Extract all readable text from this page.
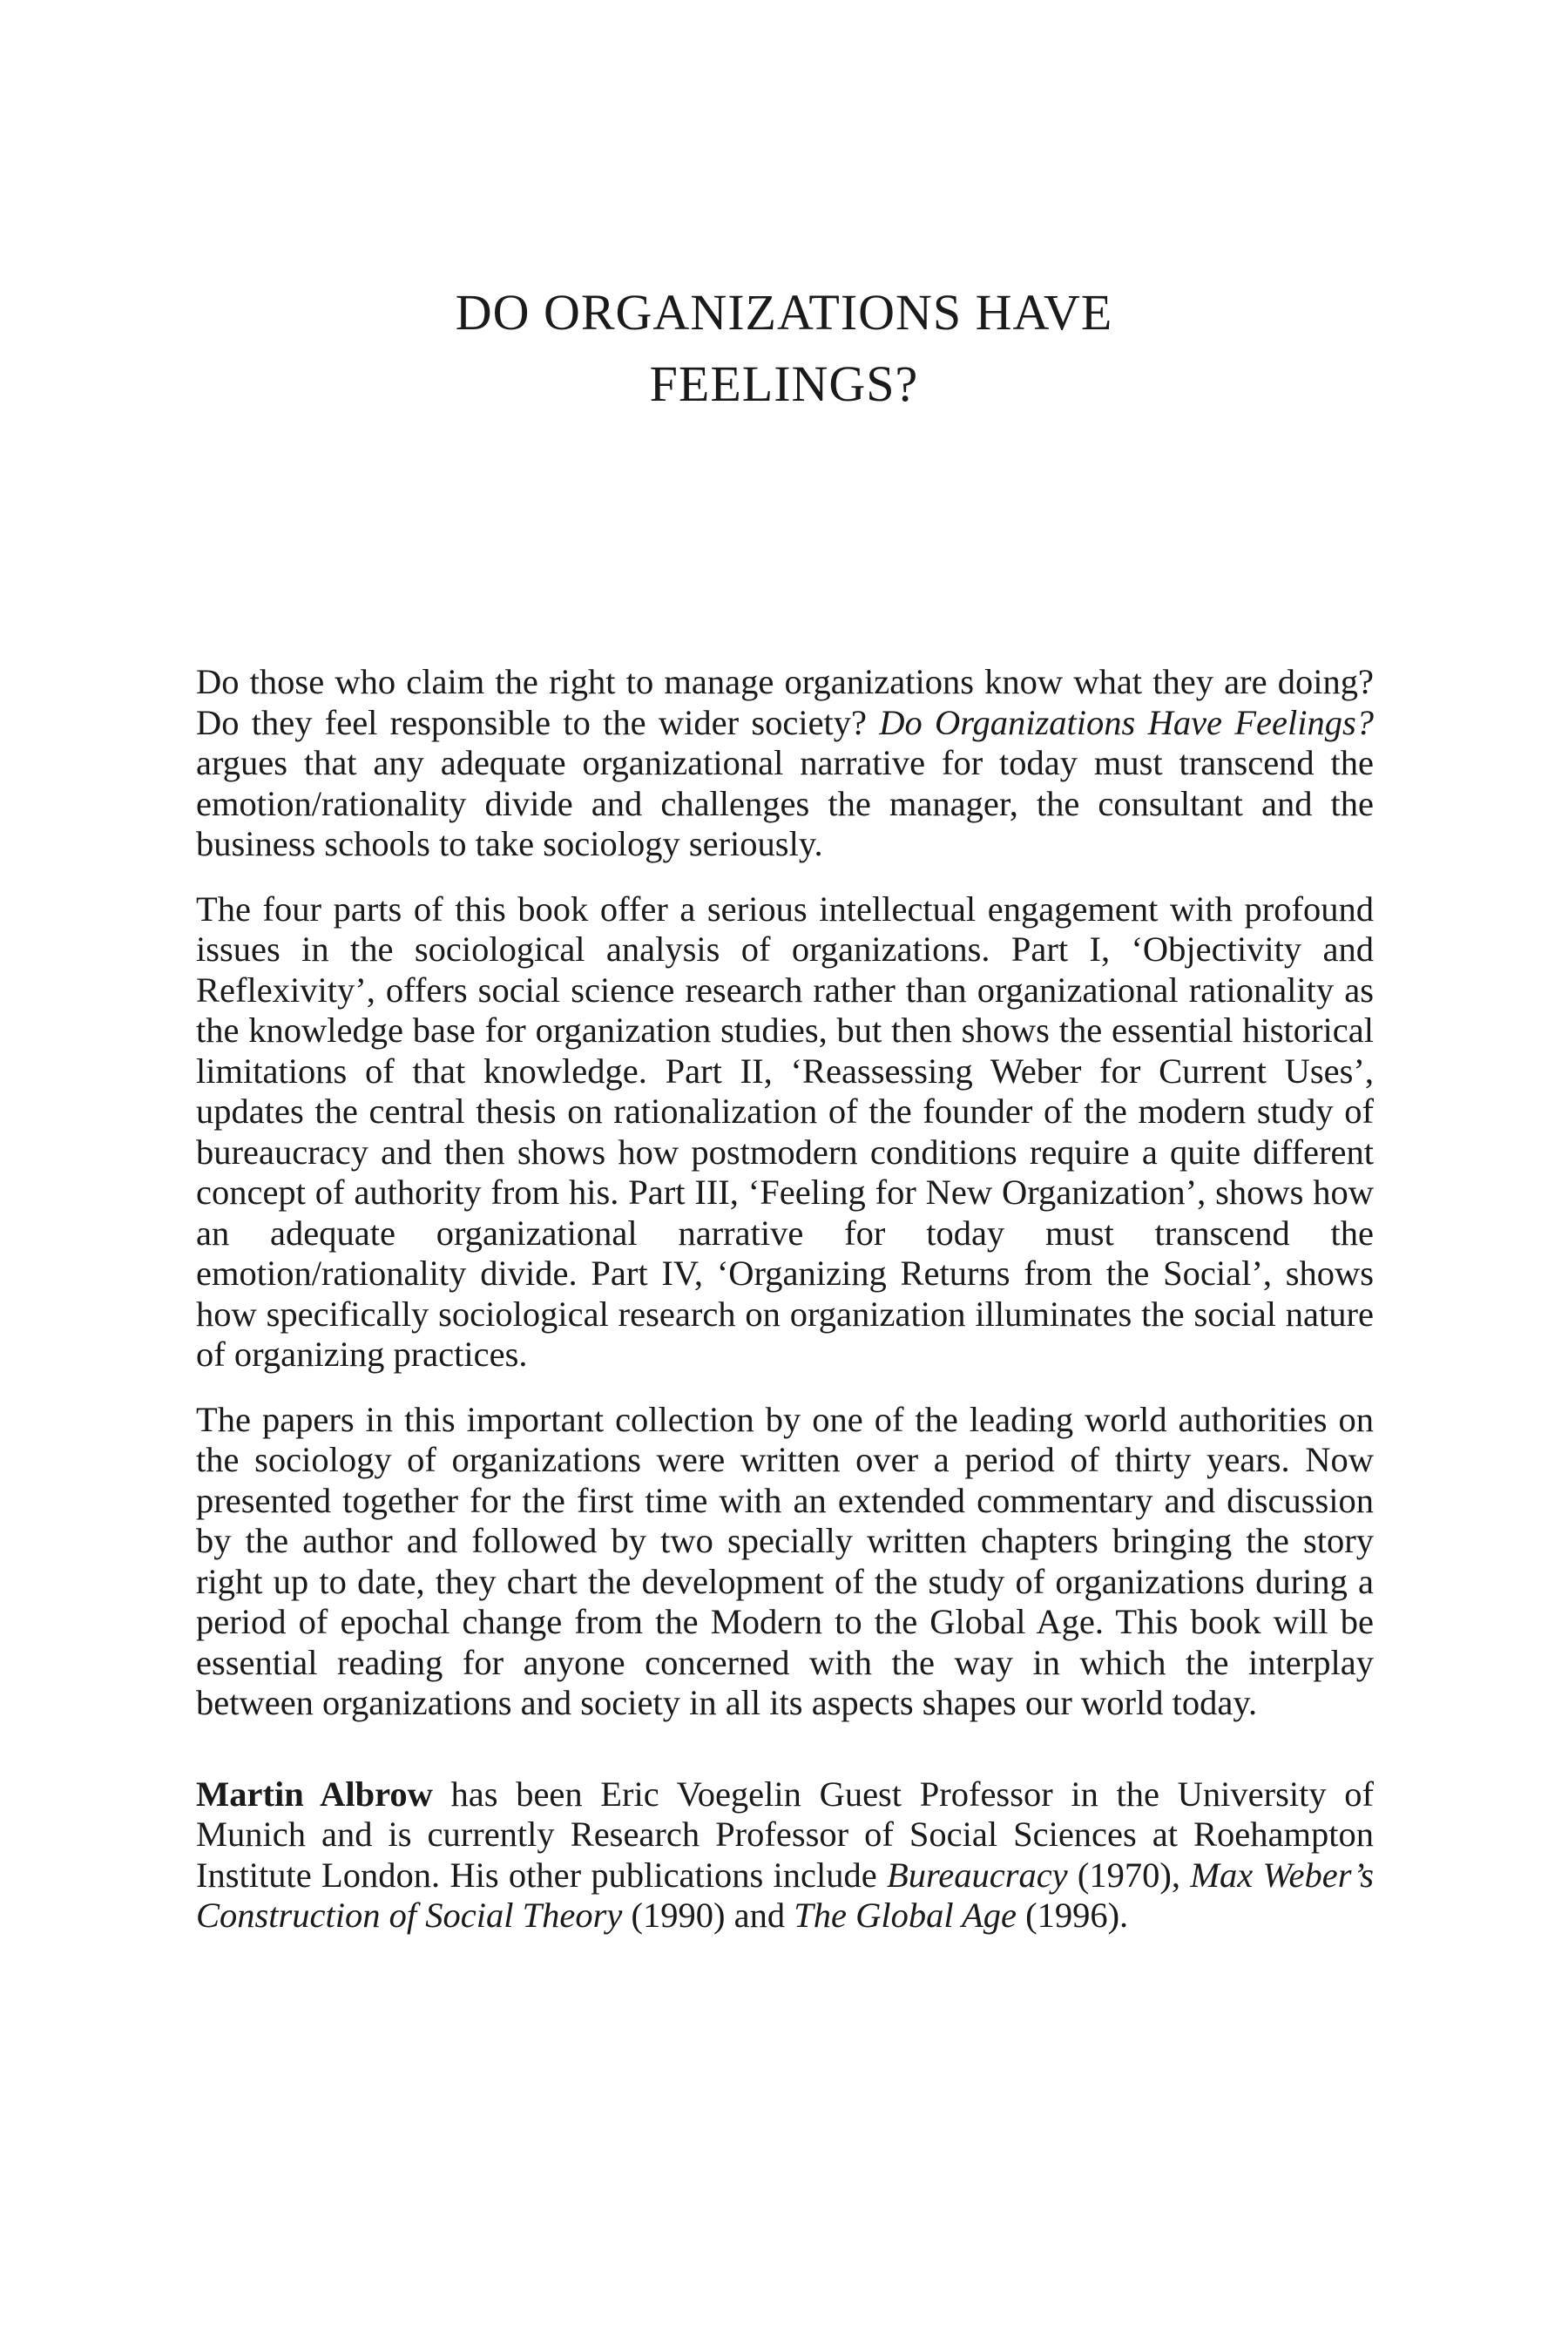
DO ORGANIZATIONS HAVE
FEELINGS?

Do those who claim the right to manage organizations know what they are doing? Do they feel responsible to the wider society? Do Organizations Have Feelings? argues that any adequate organizational narrative for today must transcend the emotion/rationality divide and challenges the manager, the consultant and the business schools to take sociology seriously.

The four parts of this book offer a serious intellectual engagement with profound issues in the sociological analysis of organizations. Part I, ‘Objectivity and Reflexivity’, offers social science research rather than organizational rationality as the knowledge base for organization studies, but then shows the essential historical limitations of that knowledge. Part II, ‘Reassessing Weber for Current Uses’, updates the central thesis on rationalization of the founder of the modern study of bureaucracy and then shows how postmodern conditions require a quite different concept of authority from his. Part III, ‘Feeling for New Organization’, shows how an adequate organizational narrative for today must transcend the emotion/rationality divide. Part IV, ‘Organizing Returns from the Social’, shows how specifically sociological research on organization illuminates the social nature of organizing practices.

The papers in this important collection by one of the leading world authorities on the sociology of organizations were written over a period of thirty years. Now presented together for the first time with an extended commentary and discussion by the author and followed by two specially written chapters bringing the story right up to date, they chart the development of the study of organizations during a period of epochal change from the Modern to the Global Age. This book will be essential reading for anyone concerned with the way in which the interplay between organizations and society in all its aspects shapes our world today.

Martin Albrow has been Eric Voegelin Guest Professor in the University of Munich and is currently Research Professor of Social Sciences at Roehampton Institute London. His other publications include Bureaucracy (1970), Max Weber’s Construction of Social Theory (1990) and The Global Age (1996).
